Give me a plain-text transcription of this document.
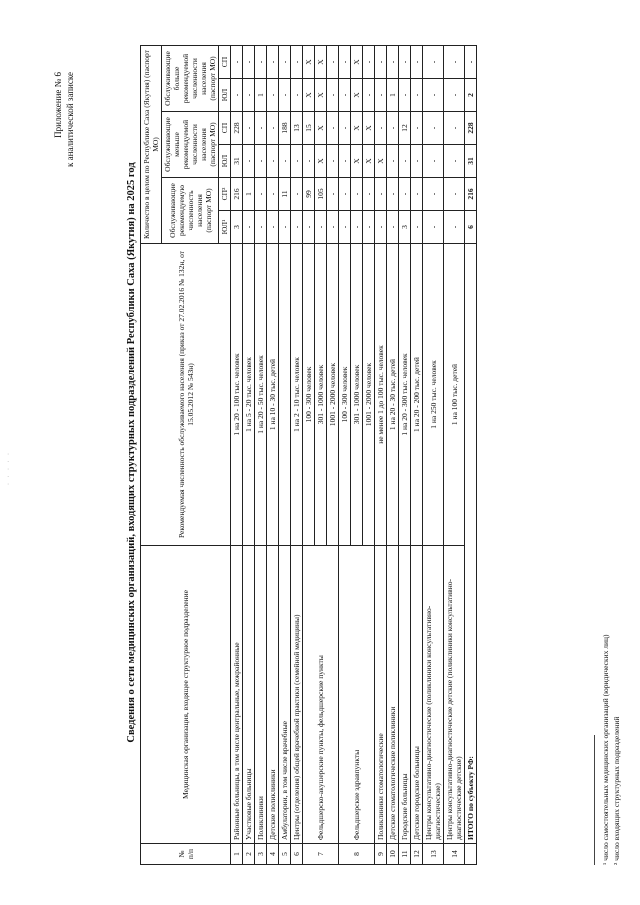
· · · · ·
Приложение № 6 к аналитической записке
Сведения о сети медицинских организаций, входящих структурных подразделений Республики Саха (Якутия) на 2025 год
№ п/п	Медицинская организация, входящее структурное подразделение	Рекомендуемая численность обслуживаемого населения (приказ от 27.02.2016 № 132н, от 15.05.2012 № 543н)	Количество в целом по Республике Саха (Якутия) (паспорт МО)					
			Обслуживающие рекомендуемую численность населения (паспорт МО)		Обслуживающие меньше рекомендуемой численности населения (паспорт МО)		Обслуживающие больше рекомендуемой численности населения (паспорт МО)	
			ЮЛ¹	СП²	ЮЛ	СП	ЮЛ	СП
1	Районные больницы, в том числе центральные, межрайонные	1 на 20 - 100 тыс. человек	3	216	31	228	-	-
2	Участковые больницы	1 на 5 - 20 тыс. человек	-	1	-	-	-	-
3	Поликлиники	1 на 20 - 50 тыс. человек	-	-	-	-	1	-
4	Детские поликлиники	1 на 10 - 30 тыс. детей	-	-	-	-	-	-
5	Амбулатории, в том числе врачебные		-	11	-	188	-	-
6	Центры (отделения) общей врачебной практики (семейной медицины)	1 на 2 - 10 тыс. человек	-	-	-	13	-	-
7	Фельдшерско-акушерские пункты, фельдшерские пункты	100 - 300 человек	-	99	-	15	X	X
		301 - 1000 человек	-	105	X	X	X	X
		1001 - 2000 человек	-	-	-	-	-	-
8	Фельдшерские здравпункты	100 - 300 человек	-	-	-	-	-	-
		301 - 1000 человек	-	-	X	X	X	X
		1001 - 2000 человек	-	-	X	X	-	-
9	Поликлиники стоматологические	не менее 1 до 100 тыс. человек	-	-	X	-	-	-
10	Детские стоматологические поликлиники	1 на 20 - 30 тыс. детей	-	-	-	-	1	-
11	Городские больницы	1 на 20 - 300 тыс. человек	3	-	-	12	-	-
12	Детские городские больницы	1 на 20 - 200 тыс. детей	-	-	-	-	-	-
13	Центры консультативно-диагностические (поликлиники консультативно-диагностические)	1 на 250 тыс. человек	-	-	-	-	-	-
14	Центры консультативно-диагностические детские (поликлиники консультативно-диагностические детские)	1 на 100 тыс. детей	-	-	-	-	-	-
	ИТОГО по субъекту РФ:		6	216	31	228	2	-
¹ число самостоятельных медицинских организаций (юридических лиц) ² число входящих структурных подразделений
